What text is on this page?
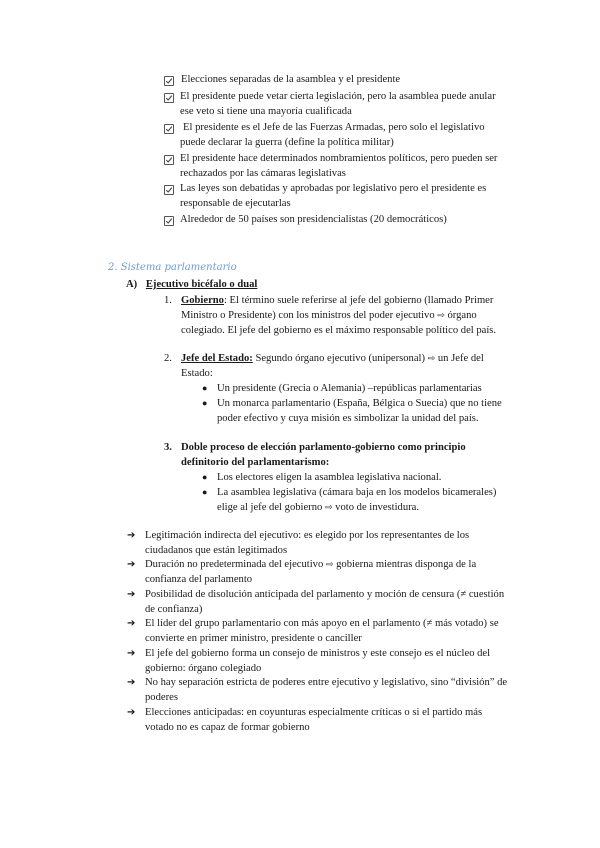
Elecciones separadas de la asamblea y el presidente
El presidente puede vetar cierta legislación, pero la asamblea puede anular
ese veto si tiene una mayoría cualificada
El presidente es el Jefe de las Fuerzas Armadas, pero solo el legislativo
puede declarar la guerra (define la política militar)
El presidente hace determinados nombramientos políticos, pero pueden ser
rechazados por las cámaras legislativas
Las leyes son debatidas y aprobadas por legislativo pero el presidente es
responsable de ejecutarlas
Alrededor de 50 países son presidencialistas (20 democráticos)
2. Sistema parlamentario
A) Ejecutivo bicéfalo o dual
1. Gobierno: El término suele referirse al jefe del gobierno (llamado Primer
Ministro o Presidente) con los ministros del poder ejecutivo ⇨ órgano
colegiado. El jefe del gobierno es el máximo responsable político del país.
2. Jefe del Estado: Segundo órgano ejecutivo (unipersonal) ⇨ un Jefe del
Estado:
● Un presidente (Grecia o Alemania) –repúblicas parlamentarias
● Un monarca parlamentario (España, Bélgica o Suecia) que no tiene
poder efectivo y cuya misión es simbolizar la unidad del país.
3. Doble proceso de elección parlamento-gobierno como principio
definitorio del parlamentarismo:
● Los electores eligen la asamblea legislativa nacional.
● La asamblea legislativa (cámara baja en los modelos bicamerales)
elige al jefe del gobierno ⇨ voto de investidura.
➔ Legitimación indirecta del ejecutivo: es elegido por los representantes de los
ciudadanos que están legitimados
➔ Duración no predeterminada del ejecutivo ⇨ gobierna mientras disponga de la
confianza del parlamento
➔ Posibilidad de disolución anticipada del parlamento y moción de censura (≠ cuestión
de confianza)
➔ El líder del grupo parlamentario con más apoyo en el parlamento (≠ más votado) se
convierte en primer ministro, presidente o canciller
➔ El jefe del gobierno forma un consejo de ministros y este consejo es el núcleo del
gobierno: órgano colegiado
➔ No hay separación estricta de poderes entre ejecutivo y legislativo, sino “división” de
poderes
➔ Elecciones anticipadas: en coyunturas especialmente críticas o si el partido más
votado no es capaz de formar gobierno
